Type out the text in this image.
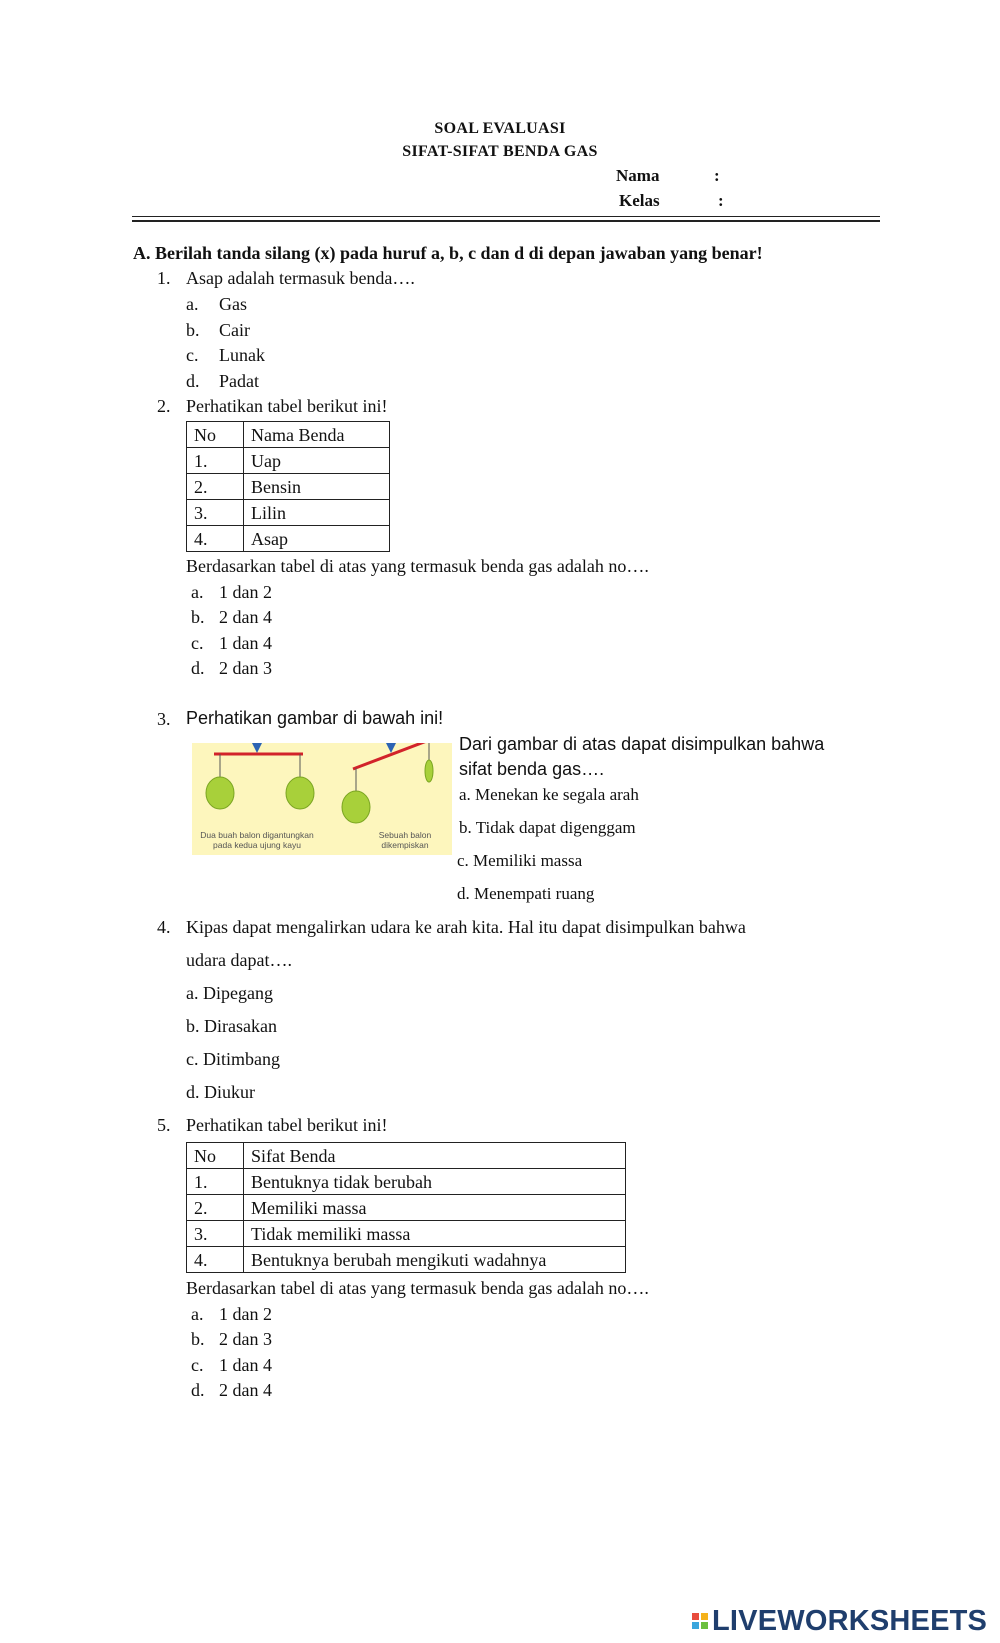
SOAL EVALUASI
SIFAT-SIFAT BENDA GAS
Nama	:
Kelas	:
A. Berilah tanda silang (x) pada huruf a, b, c dan d di depan jawaban yang benar!
1. Asap adalah termasuk benda….
a. Gas
b. Cair
c. Lunak
d. Padat
2. Perhatikan tabel berikut ini!
No	Nama Benda
1.	Uap
2.	Bensin
3.	Lilin
4.	Asap
Berdasarkan tabel di atas yang termasuk benda gas adalah no….
a. 1 dan 2
b. 2 dan 4
c. 1 dan 4
d. 2 dan 3
3. Perhatikan gambar di bawah ini!
Dua buah balon digantungkan
pada kedua ujung kayu
Sebuah balon
dikempiskan
Dari gambar di atas dapat disimpulkan bahwa
sifat benda gas….
a. Menekan ke segala arah
b. Tidak dapat digenggam
c. Memiliki massa
d. Menempati ruang
4. Kipas dapat mengalirkan udara ke arah kita. Hal itu dapat disimpulkan bahwa
udara dapat….
a. Dipegang
b. Dirasakan
c. Ditimbang
d. Diukur
5. Perhatikan tabel berikut ini!
No	Sifat Benda
1.	Bentuknya tidak berubah
2.	Memiliki massa
3.	Tidak memiliki massa
4.	Bentuknya berubah mengikuti wadahnya
Berdasarkan tabel di atas yang termasuk benda gas adalah no….
a. 1 dan 2
b. 2 dan 3
c. 1 dan 4
d. 2 dan 4
LIVEWORKSHEETS
